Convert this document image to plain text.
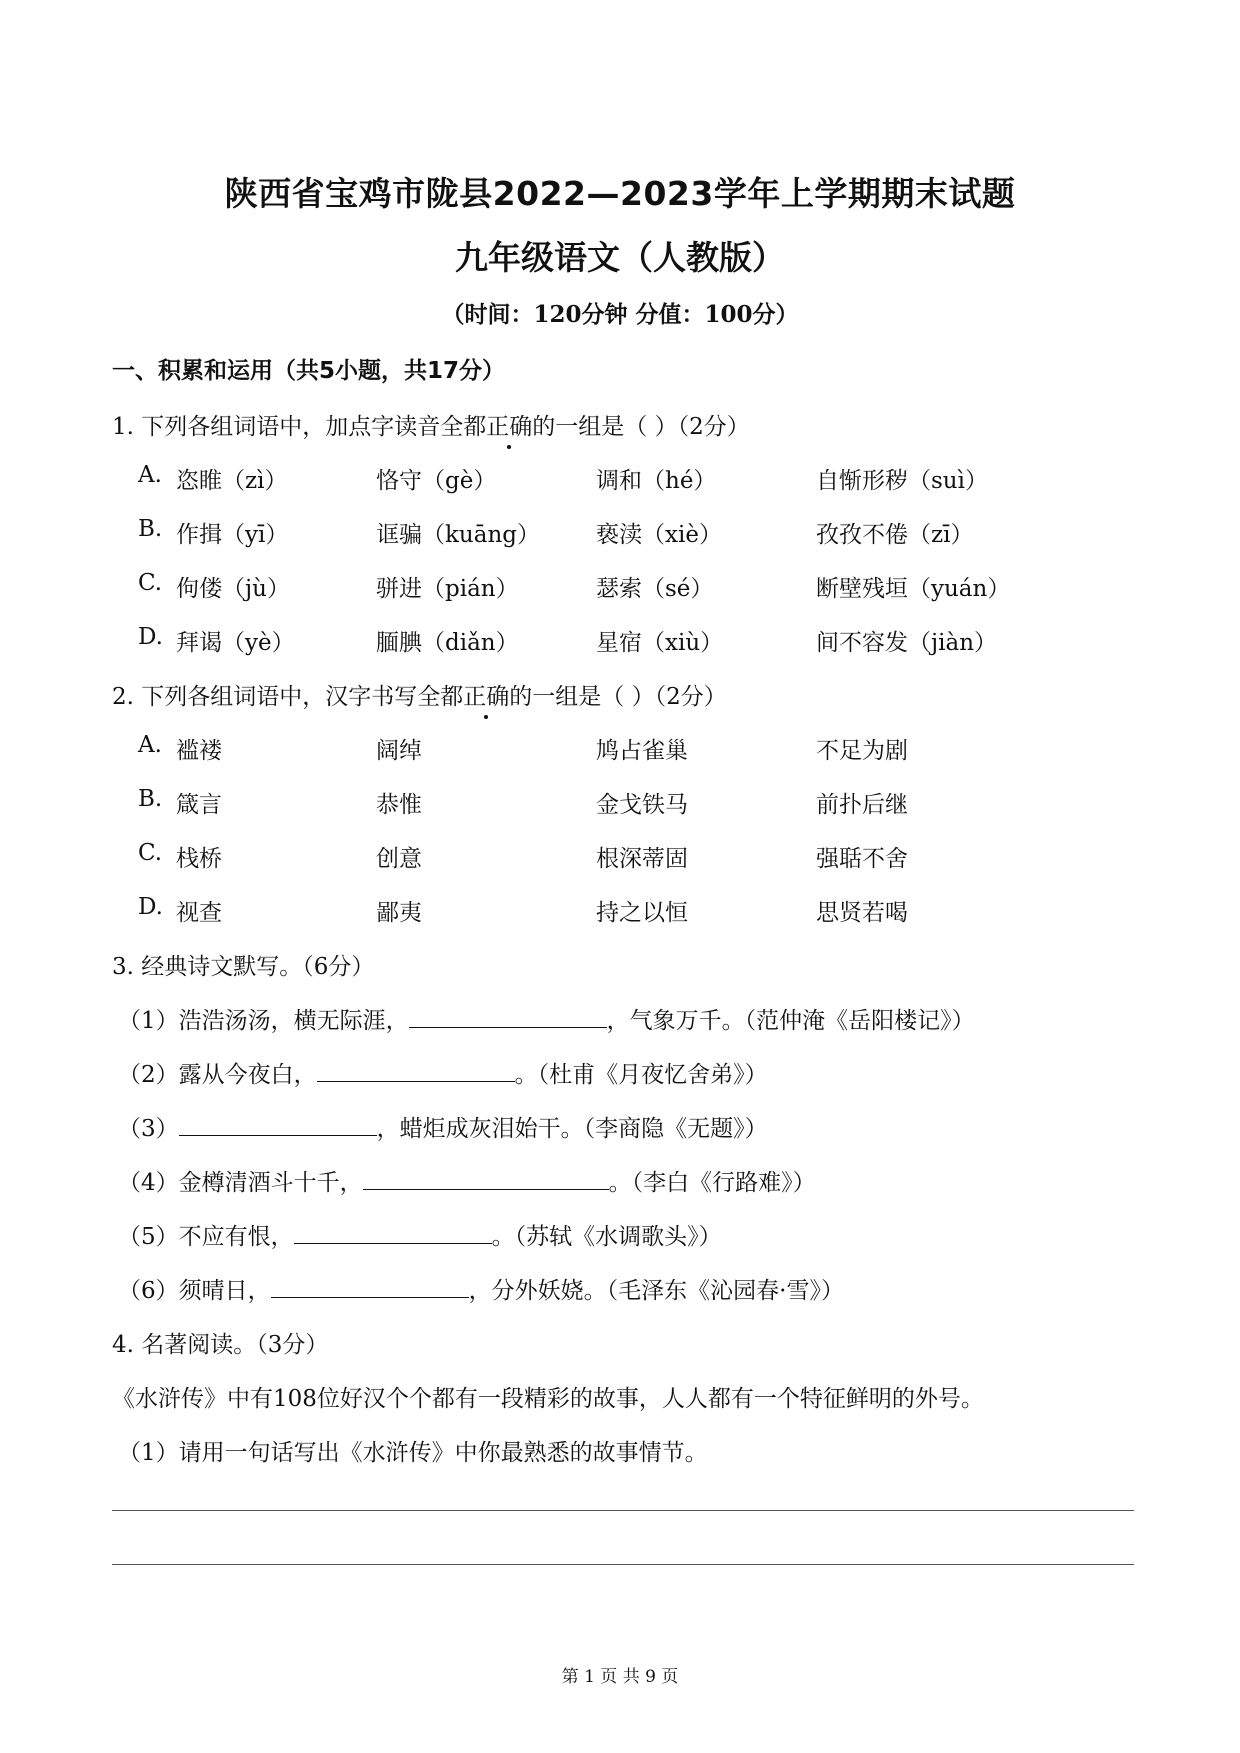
陕西省宝鸡市陇县2022—2023学年上学期期末试题
九年级语文（人教版）
（时间：120分钟 分值：100分）
一、积累和运用（共5小题，共17分）
1. 下列各组词语中，加点字读音全都正确的一组是（ ）（2分）
A. 恣睢（zì）	恪守（gè）	调和（hé）	自惭形秽（suì）
B. 作揖（yī）	诓骗（kuāng） 亵渎（xiè）	孜孜不倦（zī）
C. 佝偻（jù）	骈进（pián）	瑟索（sé）	断壁残垣（yuán）
D. 拜谒（yè）	腼腆（diǎn）	星宿（xiù）	间不容发（jiàn）
2. 下列各组词语中，汉字书写全都正确的一组是（ ）（2分）
A. 褴褛	阔绰	鸠占雀巢	不足为剧
B. 箴言	恭惟	金戈铁马	前扑后继
C. 栈桥	创意	根深蒂固	强聒不舍
D. 视查	鄙夷	持之以恒	思贤若喝
3. 经典诗文默写。（6分）
（1）浩浩汤汤，横无际涯，	，气象万千。（范仲淹《岳阳楼记》）
（2）露从今夜白，	。（杜甫《月夜忆舍弟》）
（3）	，蜡炬成灰泪始干。（李商隐《无题》）
（4）金樽清酒斗十千，	。（李白《行路难》）
（5）不应有恨，	。（苏轼《水调歌头》）
（6）须晴日，	，分外妖娆。（毛泽东《沁园春·雪》）
4. 名著阅读。（3分）
《水浒传》中有108位好汉个个都有一段精彩的故事，人人都有一个特征鲜明的外号。
（1）请用一句话写出《水浒传》中你最熟悉的故事情节。
第 1 页 共 9 页
